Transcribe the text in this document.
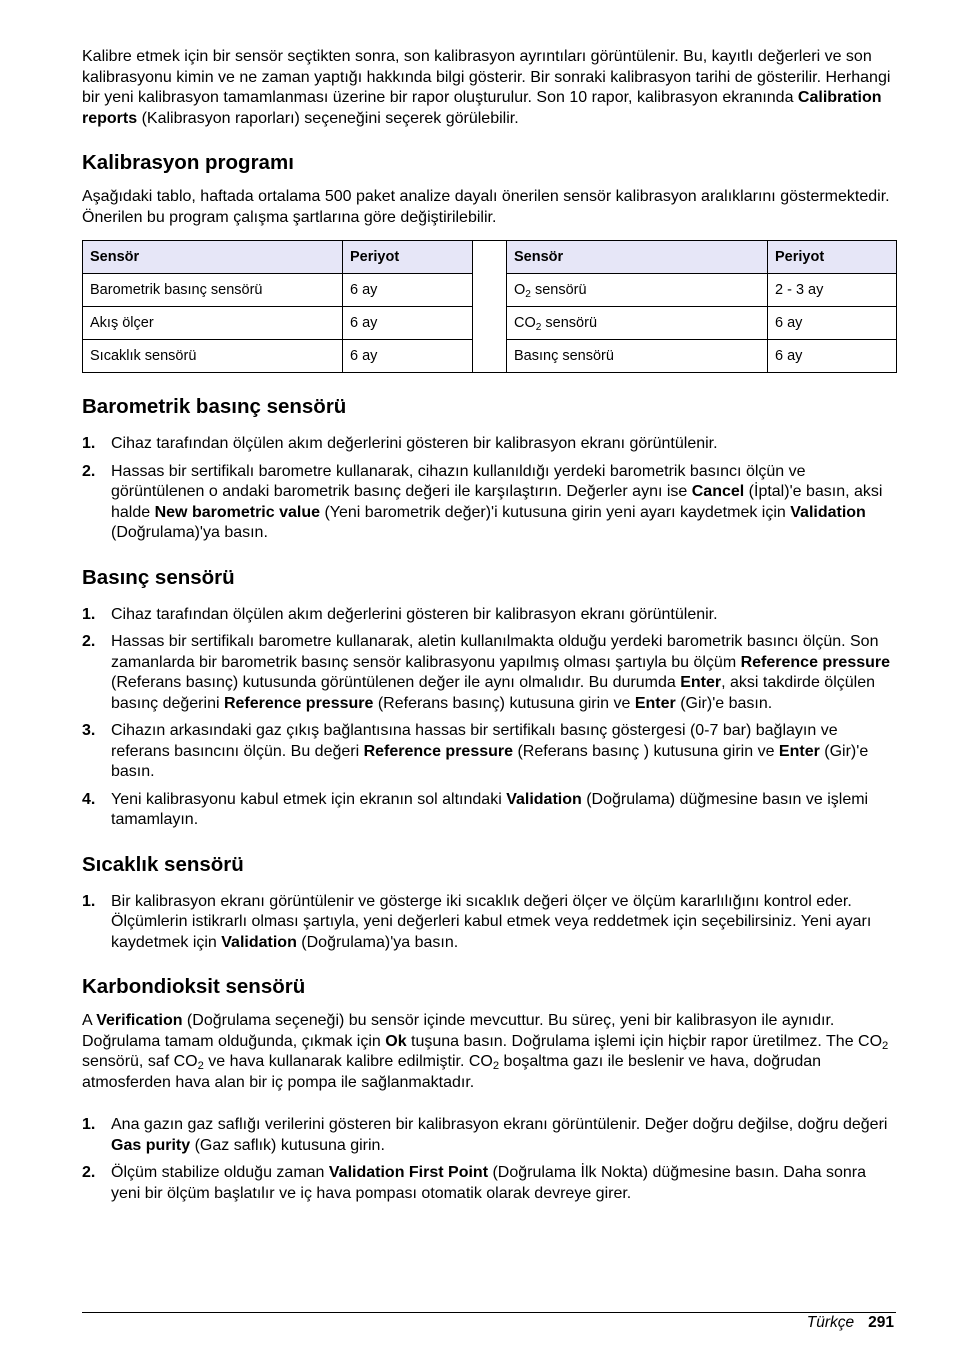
Kalibre etmek için bir sensör seçtikten sonra, son kalibrasyon ayrıntıları görüntülenir. Bu, kayıtlı değerleri ve son kalibrasyonu kimin ve ne zaman yaptığı hakkında bilgi gösterir. Bir sonraki kalibrasyon tarihi de gösterilir. Herhangi bir yeni kalibrasyon tamamlanması üzerine bir rapor oluşturulur. Son 10 rapor, kalibrasyon ekranında Calibration reports (Kalibrasyon raporları) seçeneğini seçerek görülebilir.

Kalibrasyon programı

Aşağıdaki tablo, haftada ortalama 500 paket analize dayalı önerilen sensör kalibrasyon aralıklarını göstermektedir. Önerilen bu program çalışma şartlarına göre değiştirilebilir.

Sensör	Periyot		Sensör	Periyot
Barometrik basınç sensörü	6 ay		$O_2$ sensörü	2 - 3 ay
Akış ölçer	6 ay		$CO_2$ sensörü	6 ay
Sıcaklık sensörü	6 ay		Basınç sensörü	6 ay
Barometrik basınç sensörü
1. Cihaz tarafından ölçülen akım değerlerini gösteren bir kalibrasyon ekranı görüntülenir.
2. Hassas bir sertifikalı barometre kullanarak, cihazın kullanıldığı yerdeki barometrik basıncı ölçün ve görüntülenen o andaki barometrik basınç değeri ile karşılaştırın. Değerler aynı ise Cancel (İptal)'e basın, aksi halde New barometric value (Yeni barometrik değer)'i kutusuna girin yeni ayarı kaydetmek için Validation (Doğrulama)'ya basın.
Basınç sensörü
1. Cihaz tarafından ölçülen akım değerlerini gösteren bir kalibrasyon ekranı görüntülenir.
2. Hassas bir sertifikalı barometre kullanarak, aletin kullanılmakta olduğu yerdeki barometrik basıncı ölçün. Son zamanlarda bir barometrik basınç sensör kalibrasyonu yapılmış olması şartıyla bu ölçüm Reference pressure (Referans basınç) kutusunda görüntülenen değer ile aynı olmalıdır. Bu durumda Enter, aksi takdirde ölçülen basınç değerini Reference pressure (Referans basınç) kutusuna girin ve Enter (Gir)'e basın.
3. Cihazın arkasındaki gaz çıkış bağlantısına hassas bir sertifikalı basınç göstergesi (0-7 bar) bağlayın ve referans basıncını ölçün. Bu değeri Reference pressure (Referans basınç ) kutusuna girin ve Enter (Gir)'e basın.
4. Yeni kalibrasyonu kabul etmek için ekranın sol altındaki Validation (Doğrulama) düğmesine basın ve işlemi tamamlayın.
Sıcaklık sensörü
1. Bir kalibrasyon ekranı görüntülenir ve gösterge iki sıcaklık değeri ölçer ve ölçüm kararlılığını kontrol eder. Ölçümlerin istikrarlı olması şartıyla, yeni değerleri kabul etmek veya reddetmek için seçebilirsiniz. Yeni ayarı kaydetmek için Validation (Doğrulama)'ya basın.
Karbondioksit sensörü

A Verification (Doğrulama seçeneği) bu sensör içinde mevcuttur. Bu süreç, yeni bir kalibrasyon ile aynıdır. Doğrulama tamam olduğunda, çıkmak için Ok tuşuna basın. Doğrulama işlemi için hiçbir rapor üretilmez. The $CO_2$ sensörü, saf $CO_2$ ve hava kullanarak kalibre edilmiştir. $CO_2$ boşaltma gazı ile beslenir ve hava, doğrudan atmosferden hava alan bir iç pompa ile sağlanmaktadır.

1. Ana gazın gaz saflığı verilerini gösteren bir kalibrasyon ekranı görüntülenir. Değer doğru değilse, doğru değeri Gas purity (Gaz saflık) kutusuna girin.
2. Ölçüm stabilize olduğu zaman Validation First Point (Doğrulama İlk Nokta) düğmesine basın. Daha sonra yeni bir ölçüm başlatılır ve iç hava pompası otomatik olarak devreye girer.
Türkçe 291
